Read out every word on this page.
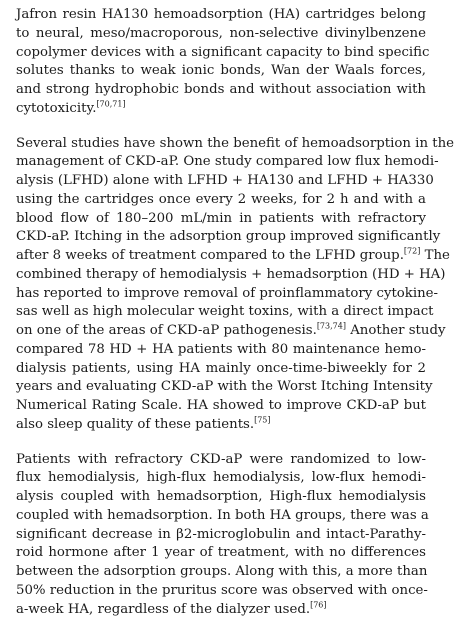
Jafron resin HA130 hemoadsorption (HA) cartridges belong
to neural, meso/macroporous, non-selective divinylbenzene
copolymer devices with a significant capacity to bind specific
solutes thanks to weak ionic bonds, Wan der Waals forces,
and strong hydrophobic bonds and without association with
cytotoxicity.[70,71]

Several studies have shown the benefit of hemoadsorption in the
management of CKD-aP. One study compared low flux hemodi-
alysis (LFHD) alone with LFHD + HA130 and LFHD + HA330
using the cartridges once every 2 weeks, for 2 h and with a
blood flow of 180–200 mL/min in patients with refractory
CKD-aP. Itching in the adsorption group improved significantly
after 8 weeks of treatment compared to the LFHD group.[72] The
combined therapy of hemodialysis + hemadsorption (HD + HA)
has reported to improve removal of proinflammatory cytokine-
sas well as high molecular weight toxins, with a direct impact
on one of the areas of CKD-aP pathogenesis.[73,74] Another study
compared 78 HD + HA patients with 80 maintenance hemo-
dialysis patients, using HA mainly once-time-biweekly for 2
years and evaluating CKD-aP with the Worst Itching Intensity
Numerical Rating Scale. HA showed to improve CKD-aP but
also sleep quality of these patients.[75]

Patients with refractory CKD-aP were randomized to low-
flux hemodialysis, high-flux hemodialysis, low-flux hemodi-
alysis coupled with hemadsorption, High-flux hemodialysis
coupled with hemadsorption. In both HA groups, there was a
significant decrease in β2-microglobulin and intact-Parathy-
roid hormone after 1 year of treatment, with no differences
between the adsorption groups. Along with this, a more than
50% reduction in the pruritus score was observed with once-
a-week HA, regardless of the dialyzer used.[76]
